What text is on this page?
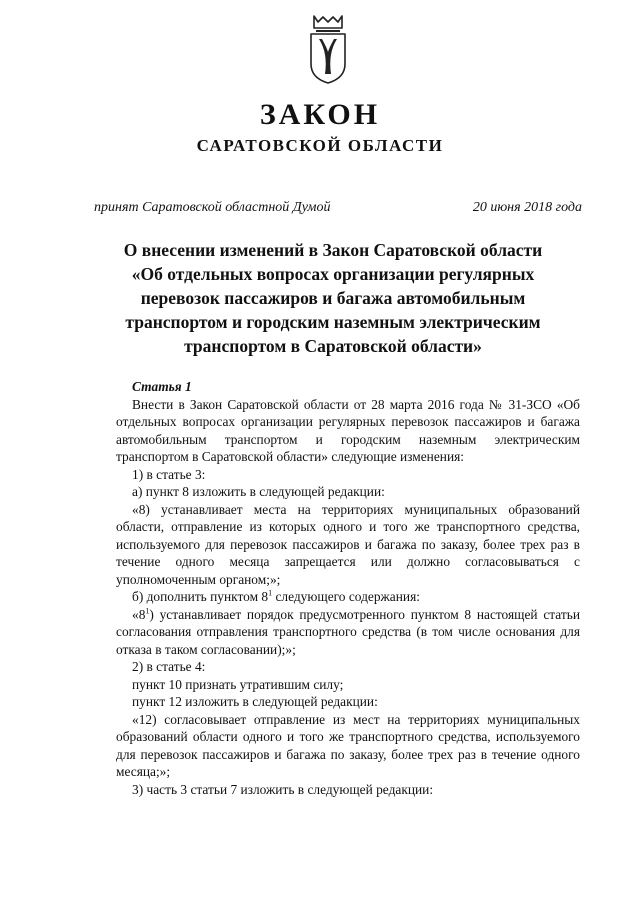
ЗАКОН
САРАТОВСКОЙ ОБЛАСТИ
принят Саратовской областной Думой	20 июня 2018 года
О внесении изменений в Закон Саратовской области
«Об отдельных вопросах организации регулярных
перевозок пассажиров и багажа автомобильным
транспортом и городским наземным электрическим
транспортом в Саратовской области»

Статья 1

Внести в Закон Саратовской области от 28 марта 2016 года № 31-ЗСО «Об отдельных вопросах организации регулярных перевозок пассажиров и багажа автомобильным транспортом и городским наземным электрическим транспортом в Саратовской области» следующие изменения:

1) в статье 3:

а) пункт 8 изложить в следующей редакции:

«8) устанавливает места на территориях муниципальных образований области, отправление из которых одного и того же транспортного средства, используемого для перевозок пассажиров и багажа по заказу, более трех раз в течение одного месяца запрещается или должно согласовываться с уполномоченным органом;»;

б) дополнить пунктом $8^1$ следующего содержания:

«$8^1$) устанавливает порядок предусмотренного пунктом 8 настоящей статьи согласования отправления транспортного средства (в том числе основания для отказа в таком согласовании);»;

2) в статье 4:

пункт 10 признать утратившим силу;

пункт 12 изложить в следующей редакции:

«12) согласовывает отправление из мест на территориях муниципальных образований области одного и того же транспортного средства, используемого для перевозок пассажиров и багажа по заказу, более трех раз в течение одного месяца;»;

3) часть 3 статьи 7 изложить в следующей редакции:
